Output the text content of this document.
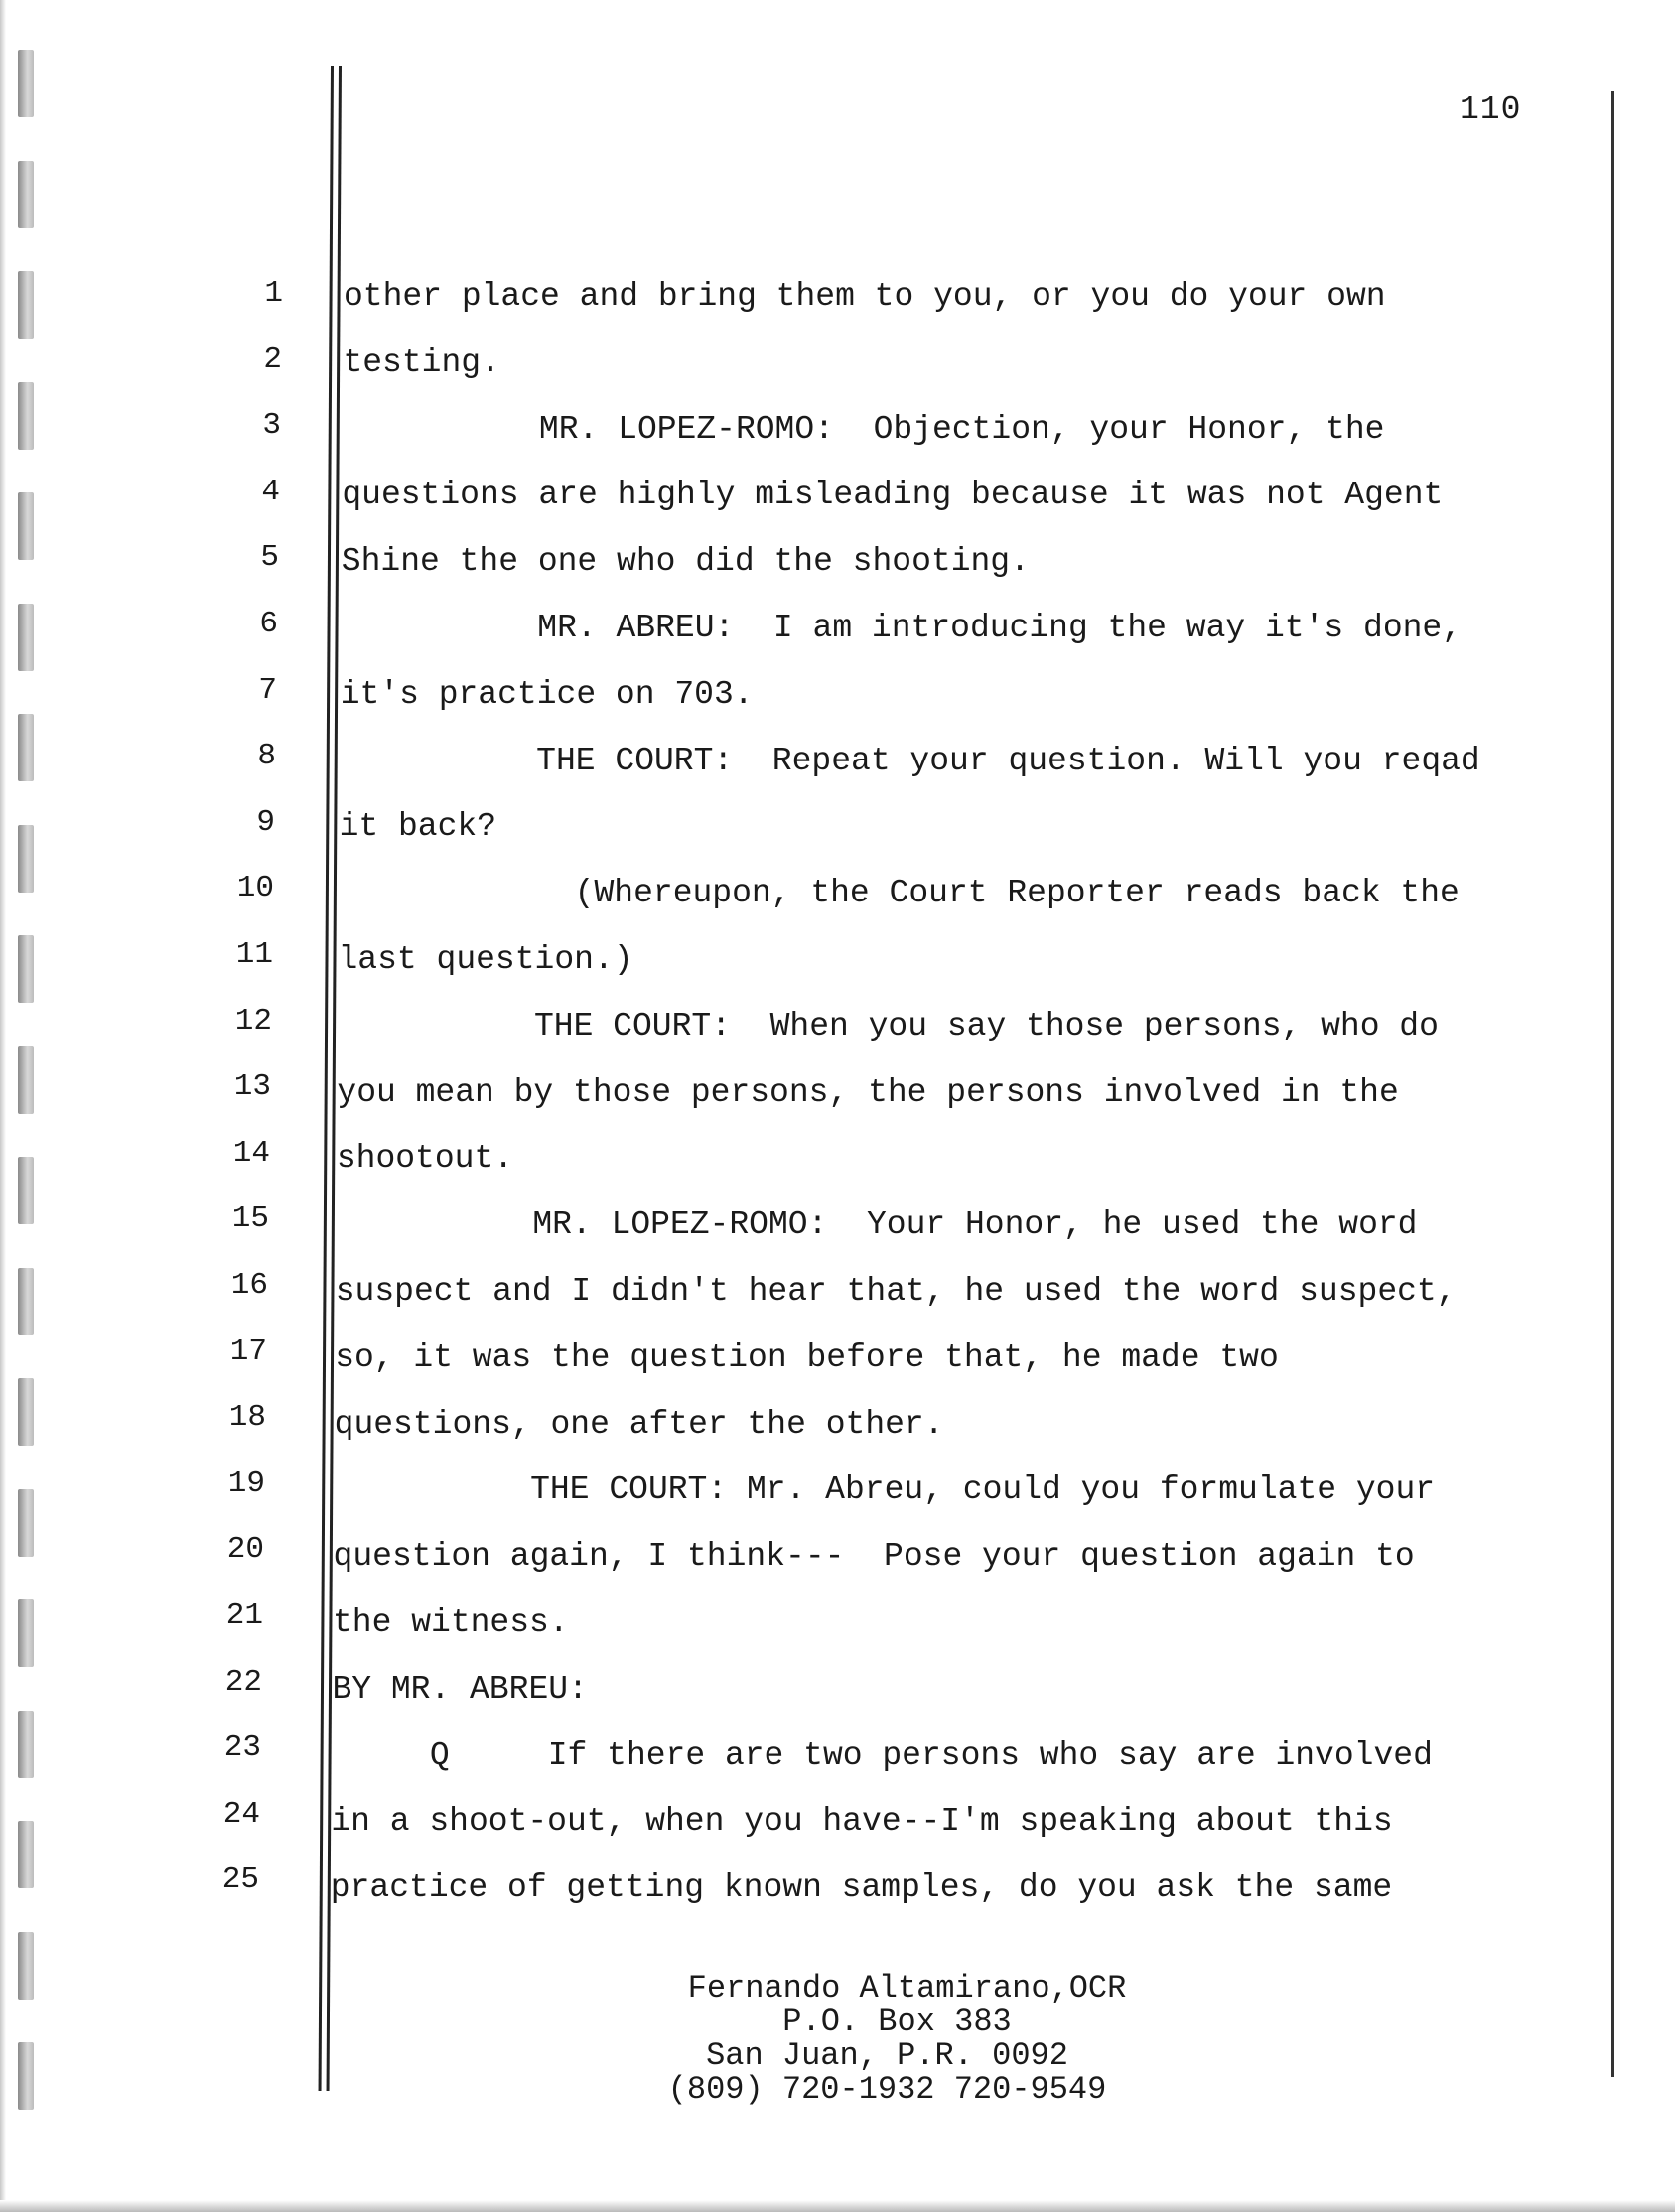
110
1 other place and bring them to you, or you do your own
2 testing.
3 MR. LOPEZ-ROMO:  Objection, your Honor, the
4 questions are highly misleading because it was not Agent
5 Shine the one who did the shooting.
6 MR. ABREU:  I am introducing the way it's done,
7 it's practice on 703.
8 THE COURT:  Repeat your question. Will you reqad
9 it back?
10 (Whereupon, the Court Reporter reads back the
11 last question.)
12 THE COURT:  When you say those persons, who do
13 you mean by those persons, the persons involved in the
14 shootout.
15 MR. LOPEZ-ROMO:  Your Honor, he used the word
16 suspect and I didn't hear that, he used the word suspect,
17 so, it was the question before that, he made two
18 questions, one after the other.
19 THE COURT: Mr. Abreu, could you formulate your
20 question again, I think---  Pose your question again to
21 the witness.
22 BY MR. ABREU:
23 Q     If there are two persons who say are involved
24 in a shoot-out, when you have--I'm speaking about this
25 practice of getting known samples, do you ask the same
Fernando Altamirano,OCR
P.O. Box 383
San Juan, P.R. 0092
(809) 720-1932 720-9549
